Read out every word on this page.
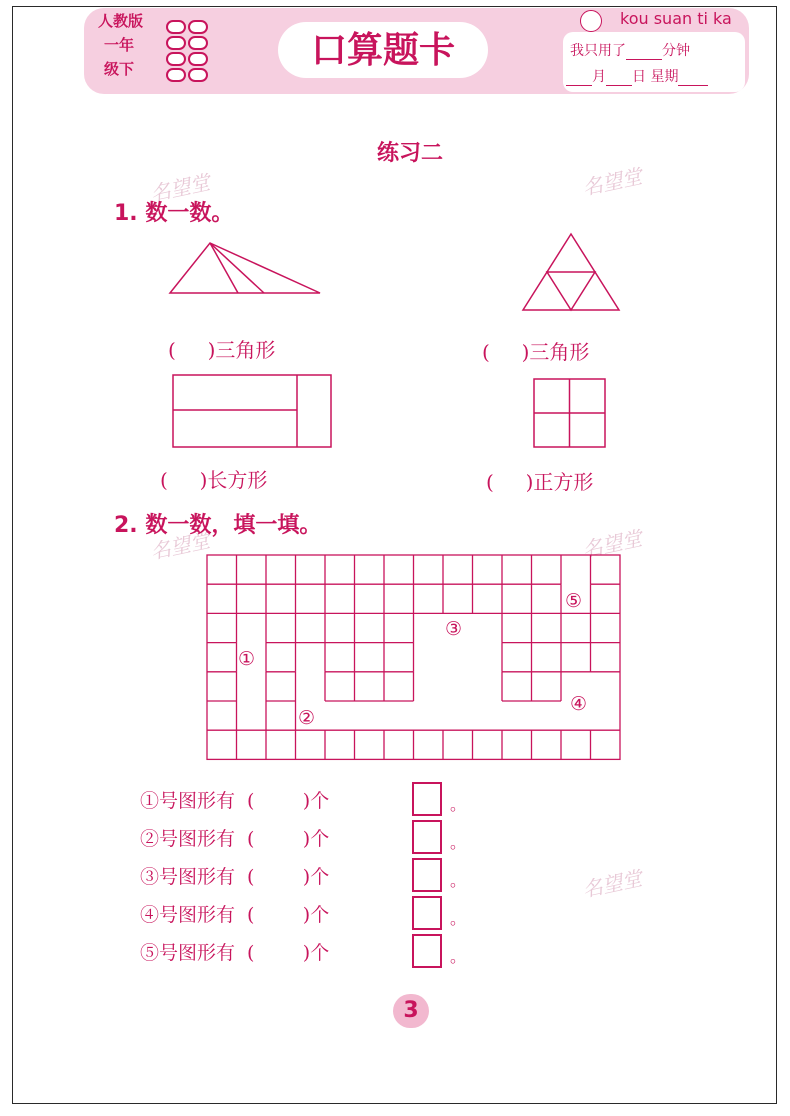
人教版
一年
级下	口算题卡
kou suan ti ka
我只用了	分钟
月 日 星期
名望堂	名望堂
名望堂	名望堂
名望堂
练习二
1. 数一数。
( )三角形	( )三角形
( )长方形	( )正方形
2. 数一数，填一填。
①
②
③
④
⑤
①号图形有 (	)个	。
②号图形有 (	)个	。
③号图形有 (	)个	。
④号图形有 (	)个	。
⑤号图形有 (	)个	。
3
